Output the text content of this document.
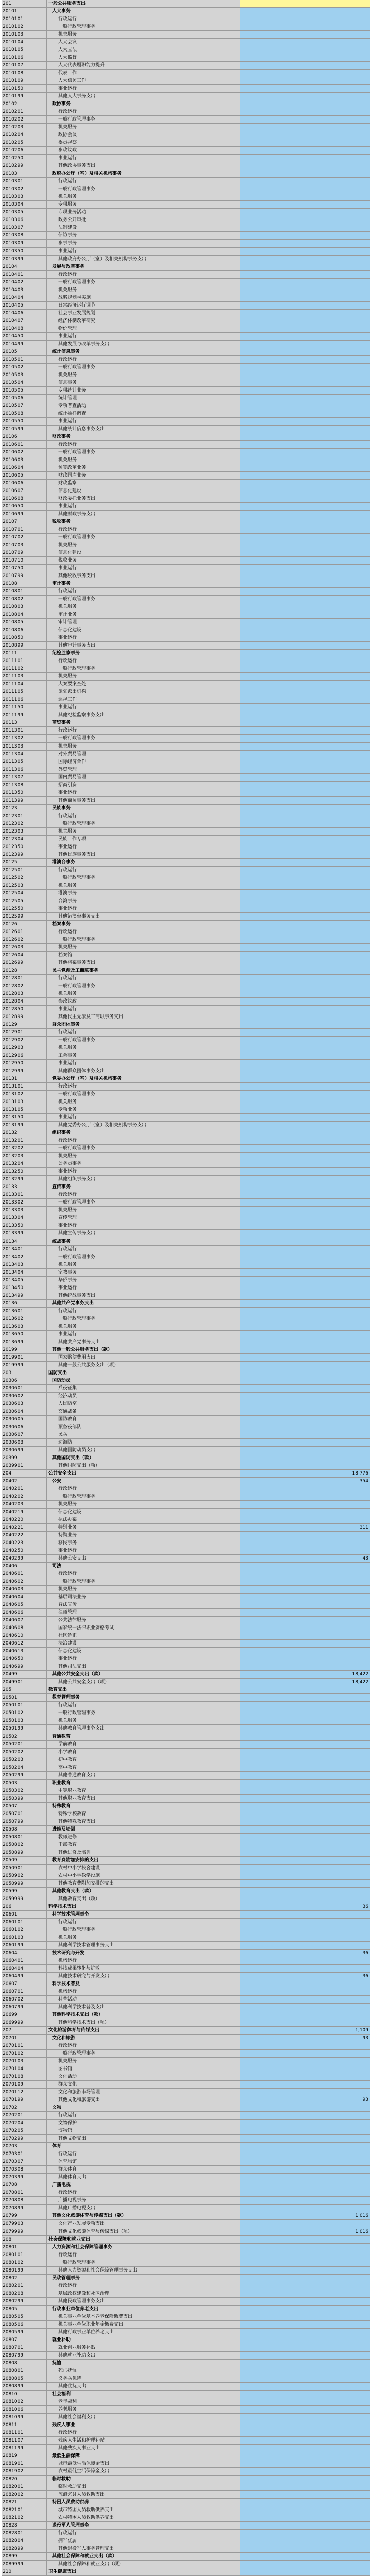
201	一般公共服务支出
20101	人大事务
2010101	行政运行
2010102	一般行政管理事务
2010103	机关服务
2010104	人大会议
2010105	人大立法
2010106	人大监督
2010107	人大代表履职能力提升
2010108	代表工作
2010109	人大信访工作
2010150	事业运行
2010199	其他人大事务支出
20102	政协事务
2010201	行政运行
2010202	一般行政管理事务
2010203	机关服务
2010204	政协会议
2010205	委员视察
2010206	参政议政
2010250	事业运行
2010299	其他政协事务支出
20103	政府办公厅（室）及相关机构事务
2010301	行政运行
2010302	一般行政管理事务
2010303	机关服务
2010304	专项服务
2010305	专项业务活动
2010306	政务公开审批
2010307	法制建设
2010308	信访事务
2010309	参事事务
2010350	事业运行
2010399	其他政府办公厅（室）及相关机构事务支出
20104	发展与改革事务
2010401	行政运行
2010402	一般行政管理事务
2010403	机关服务
2010404	战略规划与实施
2010405	日常经济运行调节
2010406	社会事业发展规划
2010407	经济体制改革研究
2010408	物价管理
2010450	事业运行
2010499	其他发展与改革事务支出
20105	统计信息事务
2010501	行政运行
2010502	一般行政管理事务
2010503	机关服务
2010504	信息事务
2010505	专项统计业务
2010506	统计管理
2010507	专项普查活动
2010508	统计抽样调查
2010550	事业运行
2010599	其他统计信息事务支出
20106	财政事务
2010601	行政运行
2010602	一般行政管理事务
2010603	机关服务
2010604	预算改革业务
2010605	财政国库业务
2010606	财政监察
2010607	信息化建设
2010608	财政委托业务支出
2010650	事业运行
2010699	其他财政事务支出
20107	税收事务
2010701	行政运行
2010702	一般行政管理事务
2010703	机关服务
2010709	信息化建设
2010710	税收业务
2010750	事业运行
2010799	其他税收事务支出
20108	审计事务
2010801	行政运行
2010802	一般行政管理事务
2010803	机关服务
2010804	审计业务
2010805	审计管理
2010806	信息化建设
2010850	事业运行
2010899	其他审计事务支出
20111	纪检监察事务
2011101	行政运行
2011102	一般行政管理事务
2011103	机关服务
2011104	大案要案查处
2011105	派驻派出机构
2011106	巡视工作
2011150	事业运行
2011199	其他纪检监察事务支出
20113	商贸事务
2011301	行政运行
2011302	一般行政管理事务
2011303	机关服务
2011304	对外贸易管理
2011305	国际经济合作
2011306	外资管理
2011307	国内贸易管理
2011308	招商引资
2011350	事业运行
2011399	其他商贸事务支出
20123	民族事务
2012301	行政运行
2012302	一般行政管理事务
2012303	机关服务
2012304	民族工作专项
2012350	事业运行
2012399	其他民族事务支出
20125	港澳台事务
2012501	行政运行
2012502	一般行政管理事务
2012503	机关服务
2012504	港澳事务
2012505	台湾事务
2012550	事业运行
2012599	其他港澳台事务支出
20126	档案事务
2012601	行政运行
2012602	一般行政管理事务
2012603	机关服务
2012604	档案馆
2012699	其他档案事务支出
20128	民主党派及工商联事务
2012801	行政运行
2012802	一般行政管理事务
2012803	机关服务
2012804	参政议政
2012850	事业运行
2012899	其他民主党派及工商联事务支出
20129	群众团体事务
2012901	行政运行
2012902	一般行政管理事务
2012903	机关服务
2012906	工会事务
2012950	事业运行
2012999	其他群众团体事务支出
20131	党委办公厅（室）及相关机构事务
2013101	行政运行
2013102	一般行政管理事务
2013103	机关服务
2013105	专项业务
2013150	事业运行
2013199	其他党委办公厅（室）及相关机构事务支出
20132	组织事务
2013201	行政运行
2013202	一般行政管理事务
2013203	机关服务
2013204	公务员事务
2013250	事业运行
2013299	其他组织事务支出
20133	宣传事务
2013301	行政运行
2013302	一般行政管理事务
2013303	机关服务
2013304	宣传管理
2013350	事业运行
2013399	其他宣传事务支出
20134	统战事务
2013401	行政运行
2013402	一般行政管理事务
2013403	机关服务
2013404	宗教事务
2013405	华侨事务
2013450	事业运行
2013499	其他统战事务支出
20136	其他共产党事务支出
2013601	行政运行
2013602	一般行政管理事务
2013603	机关服务
2013650	事业运行
2013699	其他共产党事务支出
20199	其他一般公共服务支出（款）
2019901	国家赔偿费用支出
2019999	其他一般公共服务支出（项）
203	国防支出
20306	国防动员
2030601	兵役征集
2030602	经济动员
2030603	人民防空
2030604	交通战备
2030605	国防教育
2030606	预备役部队
2030607	民兵
2030608	边海防
2030699	其他国防动员支出
20399	其他国防支出（款）
2039901	其他国防支出（项）
204	公共安全支出	18,776
20402	公安	354
2040201	行政运行
2040202	一般行政管理事务
2040203	机关服务
2040219	信息化建设
2040220	执法办案
2040221	特别业务	311
2040222	特勤业务
2040223	移民事务
2040250	事业运行
2040299	其他公安支出	43
20406	司法
2040601	行政运行
2040602	一般行政管理事务
2040603	机关服务
2040604	基层司法业务
2040605	普法宣传
2040606	律师管理
2040607	公共法律服务
2040608	国家统一法律职业资格考试
2040610	社区矫正
2040612	法治建设
2040613	信息化建设
2040650	事业运行
2040699	其他司法支出
20499	其他公共安全支出（款）	18,422
2049901	其他公共安全支出（项）	18,422
205	教育支出
20501	教育管理事务
2050101	行政运行
2050102	一般行政管理事务
2050103	机关服务
2050199	其他教育管理事务支出
20502	普通教育
2050201	学前教育
2050202	小学教育
2050203	初中教育
2050204	高中教育
2050299	其他普通教育支出
20503	职业教育
2050302	中等职业教育
2050399	其他职业教育支出
20507	特殊教育
2050701	特殊学校教育
2050799	其他特殊教育支出
20508	进修及培训
2050801	教师进修
2050802	干部教育
2050899	其他进修及培训
20509	教育费附加安排的支出
2050901	农村中小学校舍建设
2050902	农村中小学教学设施
2050999	其他教育费附加安排的支出
20599	其他教育支出（款）
2059999	其他教育支出（项）
206	科学技术支出	36
20601	科学技术管理事务
2060101	行政运行
2060102	一般行政管理事务
2060103	机关服务
2060199	其他科学技术管理事务支出
20604	技术研究与开发	36
2060401	机构运行
2060404	科技成果转化与扩散
2060499	其他技术研究与开发支出	36
20607	科学技术普及
2060701	机构运行
2060702	科普活动
2060799	其他科学技术普及支出
20699	其他科学技术支出（款）
2069999	其他科学技术支出（项）
207	文化旅游体育与传媒支出	1,109
20701	文化和旅游	93
2070101	行政运行
2070102	一般行政管理事务
2070103	机关服务
2070104	图书馆
2070108	文化活动
2070109	群众文化
2070112	文化和旅游市场管理
2070199	其他文化和旅游支出	93
20702	文物
2070201	行政运行
2070204	文物保护
2070205	博物馆
2070299	其他文物支出
20703	体育
2070301	行政运行
2070307	体育场馆
2070308	群众体育
2070399	其他体育支出
20708	广播电视
2070801	行政运行
2070808	广播电视事务
2070899	其他广播电视支出
20799	其他文化旅游体育与传媒支出（款）	1,016
2079903	文化产业发展专项支出
2079999	其他文化旅游体育与传媒支出（项）	1,016
208	社会保障和就业支出
20801	人力资源和社会保障管理事务
2080101	行政运行
2080102	一般行政管理事务
2080199	其他人力资源和社会保障管理事务支出
20802	民政管理事务
2080201	行政运行
2080208	基层政权建设和社区治理
2080299	其他民政管理事务支出
20805	行政事业单位养老支出
2080505	机关事业单位基本养老保险缴费支出
2080506	机关事业单位职业年金缴费支出
2080599	其他行政事业单位养老支出
20807	就业补助
2080701	就业创业服务补贴
2080799	其他就业补助支出
20808	抚恤
2080801	死亡抚恤
2080805	义务兵优待
2080899	其他优抚支出
20810	社会福利
2081002	老年福利
2081006	养老服务
2081099	其他社会福利支出
20811	残疾人事业
2081101	行政运行
2081107	残疾人生活和护理补贴
2081199	其他残疾人事业支出
20819	最低生活保障
2081901	城市最低生活保障金支出
2081902	农村最低生活保障金支出
20820	临时救助
2082001	临时救助支出
2082002	流浪乞讨人员救助支出
20821	特困人员救助供养
2082101	城市特困人员救助供养支出
2082102	农村特困人员救助供养支出
20828	退役军人管理事务
2082801	行政运行
2082804	拥军优属
2082899	其他退役军人事务管理支出
20899	其他社会保障和就业支出（款）
2089999	其他社会保障和就业支出（项）
210	卫生健康支出
